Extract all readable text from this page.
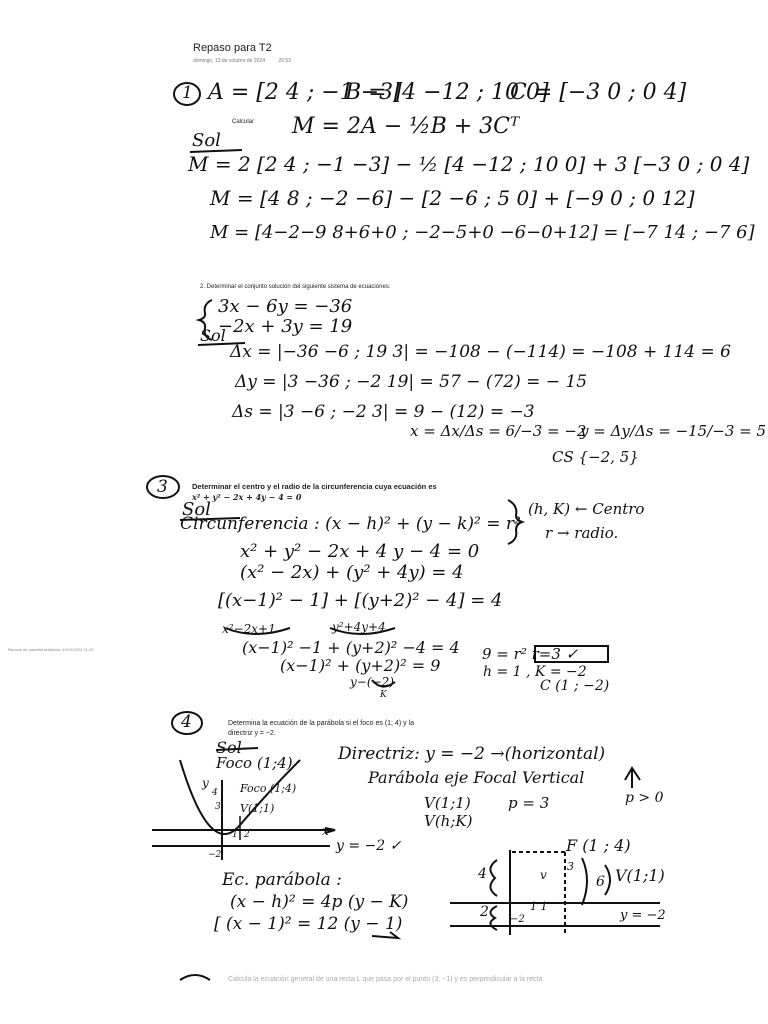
Repaso para T2
domingo, 13 de octubre de 2024	20:53
Recorte de pantalla realizado: 13/10/2024 21:03
1 A = [2 4 ; −1 −3]
B = [4 −12 ; 10 0]
C = [−3 0 ; 0 4]
Calcular M = 2A − ½B + 3Cᵀ
Sol
M = 2 [2 4 ; −1 −3] − ½ [4 −12 ; 10 0] + 3 [−3 0 ; 0 4]
M = [4 8 ; −2 −6] − [2 −6 ; 5 0] + [−9 0 ; 0 12]
M = [4−2−9 8+6+0 ; −2−5+0 −6−0+12] = [−7 14 ; −7 6]
2. Determinar el conjunto solución del siguiente sistema de ecuaciones:
3x − 6y = −36
−2x + 3y = 19
Sol
Δx = |−36 −6 ; 19 3| = −108 − (−114) = −108 + 114 = 6
Δy = |3 −36 ; −2 19| = 57 − (72) = − 15
Δs = |3 −6 ; −2 3| = 9 − (12) = −3
x = Δx/Δs = 6/−3 = −2
y = Δy/Δs = −15/−3 = 5
CS {−2, 5}
3	Determinar el centro y el radio de la circunferencia cuya ecuación es
x² + y² − 2x + 4y − 4 = 0
Sol
Circunferencia : (x − h)² + (y − k)² = r²
(h, K) ← Centro
r → radio.
x² + y² − 2x + 4 y − 4 = 0
(x² − 2x) + (y² + 4y) = 4
[(x−1)² − 1] + [(y+2)² − 4] = 4
x²−2x+1	y²+4y+4
(x−1)² −1 + (y+2)² −4 = 4
(x−1)² + (y+2)² = 9
y−(−2)
K
9 = r² r=3 ✓
h = 1 , K = −2
C (1 ; −2)
4	Determina la ecuación de la parábola si el foco es (1; 4) y la
directriz y = −2.
Sol
Foco (1;4)	Directriz: y = −2 →(horizontal)
Parábola eje Focal Vertical
V(1;1) p = 3	p > 0
V(h;K)
y
x
4
3
2
1
−2
Foco (1;4)
V(1;1)
y = −2 ✓
Ec. parábola :
(x − h)² = 4p (y − K)
[ (x − 1)² = 12 (y − 1)
F (1 ; 4)
V(1;1)
6
4
2
3
v
1 1
−2	y = −2
Calcula la ecuación general de una recta L que pasa por el punto (3; −1) y es perpendicular a la recta
